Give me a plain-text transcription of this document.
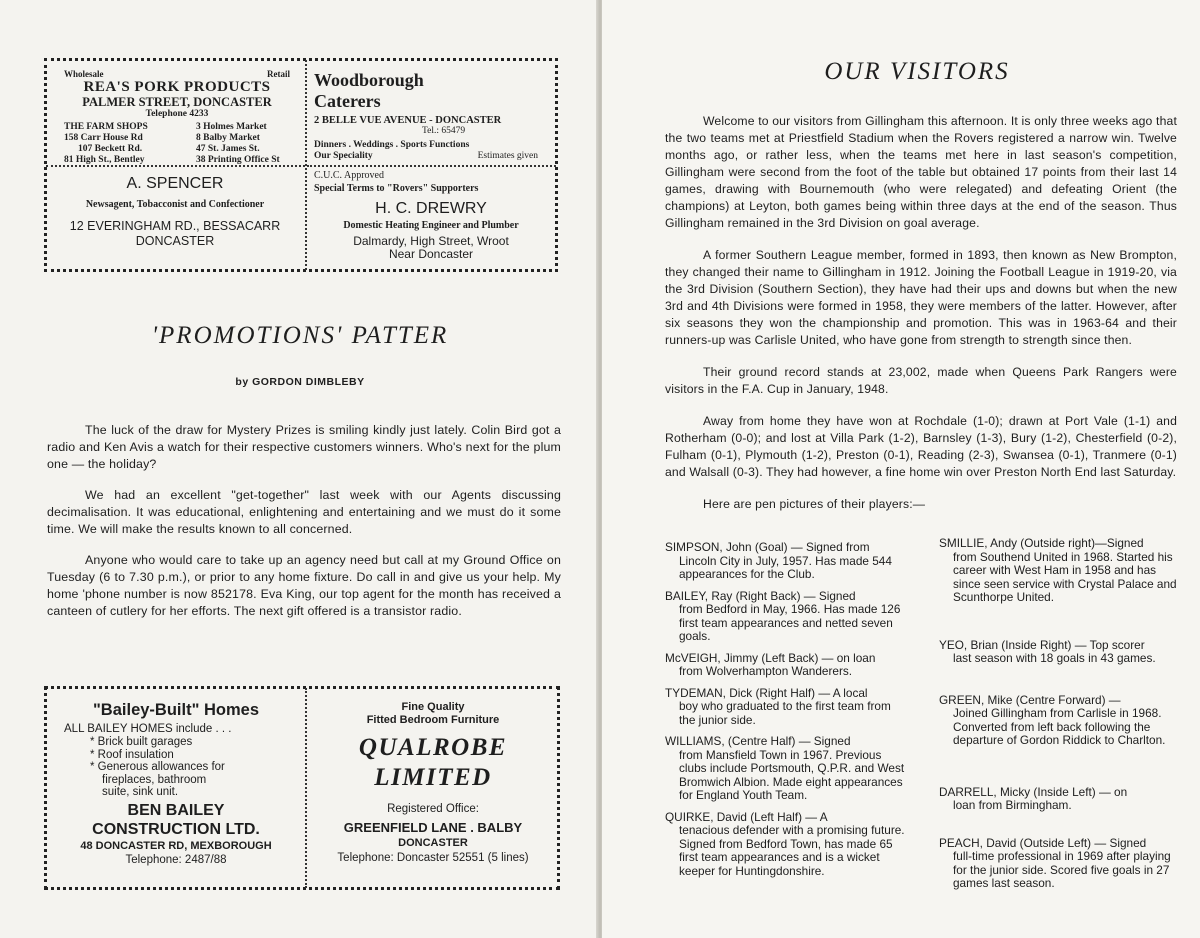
Wholesale	Retail
REA'S PORK PRODUCTS
PALMER STREET, DONCASTER
Telephone 4233
THE FARM SHOPS	3 Holmes Market
158 Carr House Rd	8 Balby Market
107 Beckett Rd.	47 St. James St.
81 High St., Bentley	38 Printing Office St
A. SPENCER
Newsagent, Tobacconist and Confectioner
12 EVERINGHAM RD., BESSACARR
DONCASTER
Woodborough
Caterers
2 BELLE VUE AVENUE - DONCASTER
Tel.: 65479
Dinners . Weddings . Sports Functions
Our Speciality	Estimates given
C.U.C. Approved
Special Terms to "Rovers" Supporters
H. C. DREWRY
Domestic Heating Engineer and Plumber
Dalmardy, High Street, Wroot
Near Doncaster
'PROMOTIONS' PATTER
by GORDON DIMBLEBY

The luck of the draw for Mystery Prizes is smiling kindly just lately. Colin Bird got a radio and Ken Avis a watch for their respective customers winners. Who's next for the plum one — the holiday?

We had an excellent "get-together" last week with our Agents discussing decimalisation. It was educational, enlightening and entertaining and we must do it some time. We will make the results known to all concerned.

Anyone who would care to take up an agency need but call at my Ground Office on Tuesday (6 to 7.30 p.m.), or prior to any home fixture. Do call in and give us your help. My home 'phone number is now 852178. Eva King, our top agent for the month has received a canteen of cutlery for her efforts. The next gift offered is a transistor radio.

"Bailey-Built" Homes
ALL BAILEY HOMES include . . .
* Brick built garages
* Roof insulation
* Generous allowances for
fireplaces, bathroom
suite, sink unit.
BEN BAILEY
CONSTRUCTION LTD.
48 DONCASTER RD, MEXBOROUGH
Telephone: 2487/88
Fine Quality
Fitted Bedroom Furniture
QUALROBE
LIMITED
Registered Office:
GREENFIELD LANE . BALBY
DONCASTER
Telephone: Doncaster 52551 (5 lines)
OUR VISITORS

Welcome to our visitors from Gillingham this afternoon. It is only three weeks ago that the two teams met at Priestfield Stadium when the Rovers registered a narrow win. Twelve months ago, or rather less, when the teams met here in last season's competition, Gillingham were second from the foot of the table but obtained 17 points from their last 14 games, drawing with Bournemouth (who were relegated) and defeating Orient (the champions) at Leyton, both games being within three days at the end of the season. Thus Gillingham remained in the 3rd Division on goal average.

A former Southern League member, formed in 1893, then known as New Brompton, they changed their name to Gillingham in 1912. Joining the Football League in 1919-20, via the 3rd Division (Southern Section), they have had their ups and downs but when the new 3rd and 4th Divisions were formed in 1958, they were members of the latter. However, after six seasons they won the championship and promotion. This was in 1963-64 and their runners-up was Carlisle United, who have gone from strength to strength since then.

Their ground record stands at 23,002, made when Queens Park Rangers were visitors in the F.A. Cup in January, 1948.

Away from home they have won at Rochdale (1-0); drawn at Port Vale (1-1) and Rotherham (0-0); and lost at Villa Park (1-2), Barnsley (1-3), Bury (1-2), Chesterfield (0-2), Fulham (0-1), Plymouth (1-2), Preston (0-1), Reading (2-3), Swansea (0-1), Tranmere (0-1) and Walsall (0-3). They had however, a fine home win over Preston North End last Saturday.

Here are pen pictures of their players:—

SIMPSON, John (Goal) — Signed from
Lincoln City in July, 1957. Has made 544 appearances for the Club.
BAILEY, Ray (Right Back) — Signed
from Bedford in May, 1966. Has made 126 first team appearances and netted seven goals.
McVEIGH, Jimmy (Left Back) — on loan
from Wolverhampton Wanderers.
TYDEMAN, Dick (Right Half) — A local
boy who graduated to the first team from the junior side.
WILLIAMS, (Centre Half) — Signed
from Mansfield Town in 1967. Previous clubs include Portsmouth, Q.P.R. and West Bromwich Albion. Made eight appearances for England Youth Team.
QUIRKE, David (Left Half) — A
tenacious defender with a promising future. Signed from Bedford Town, has made 65 first team appearances and is a wicket keeper for Huntingdonshire.
SMILLIE, Andy (Outside right)—Signed
from Southend United in 1968. Started his career with West Ham in 1958 and has since seen service with Crystal Palace and Scunthorpe United.
YEO, Brian (Inside Right) — Top scorer
last season with 18 goals in 43 games.
GREEN, Mike (Centre Forward) —
Joined Gillingham from Carlisle in 1968. Converted from left back following the departure of Gordon Riddick to Charlton.
DARRELL, Micky (Inside Left) — on
loan from Birmingham.
PEACH, David (Outside Left) — Signed
full-time professional in 1969 after playing for the junior side. Scored five goals in 27 games last season.
